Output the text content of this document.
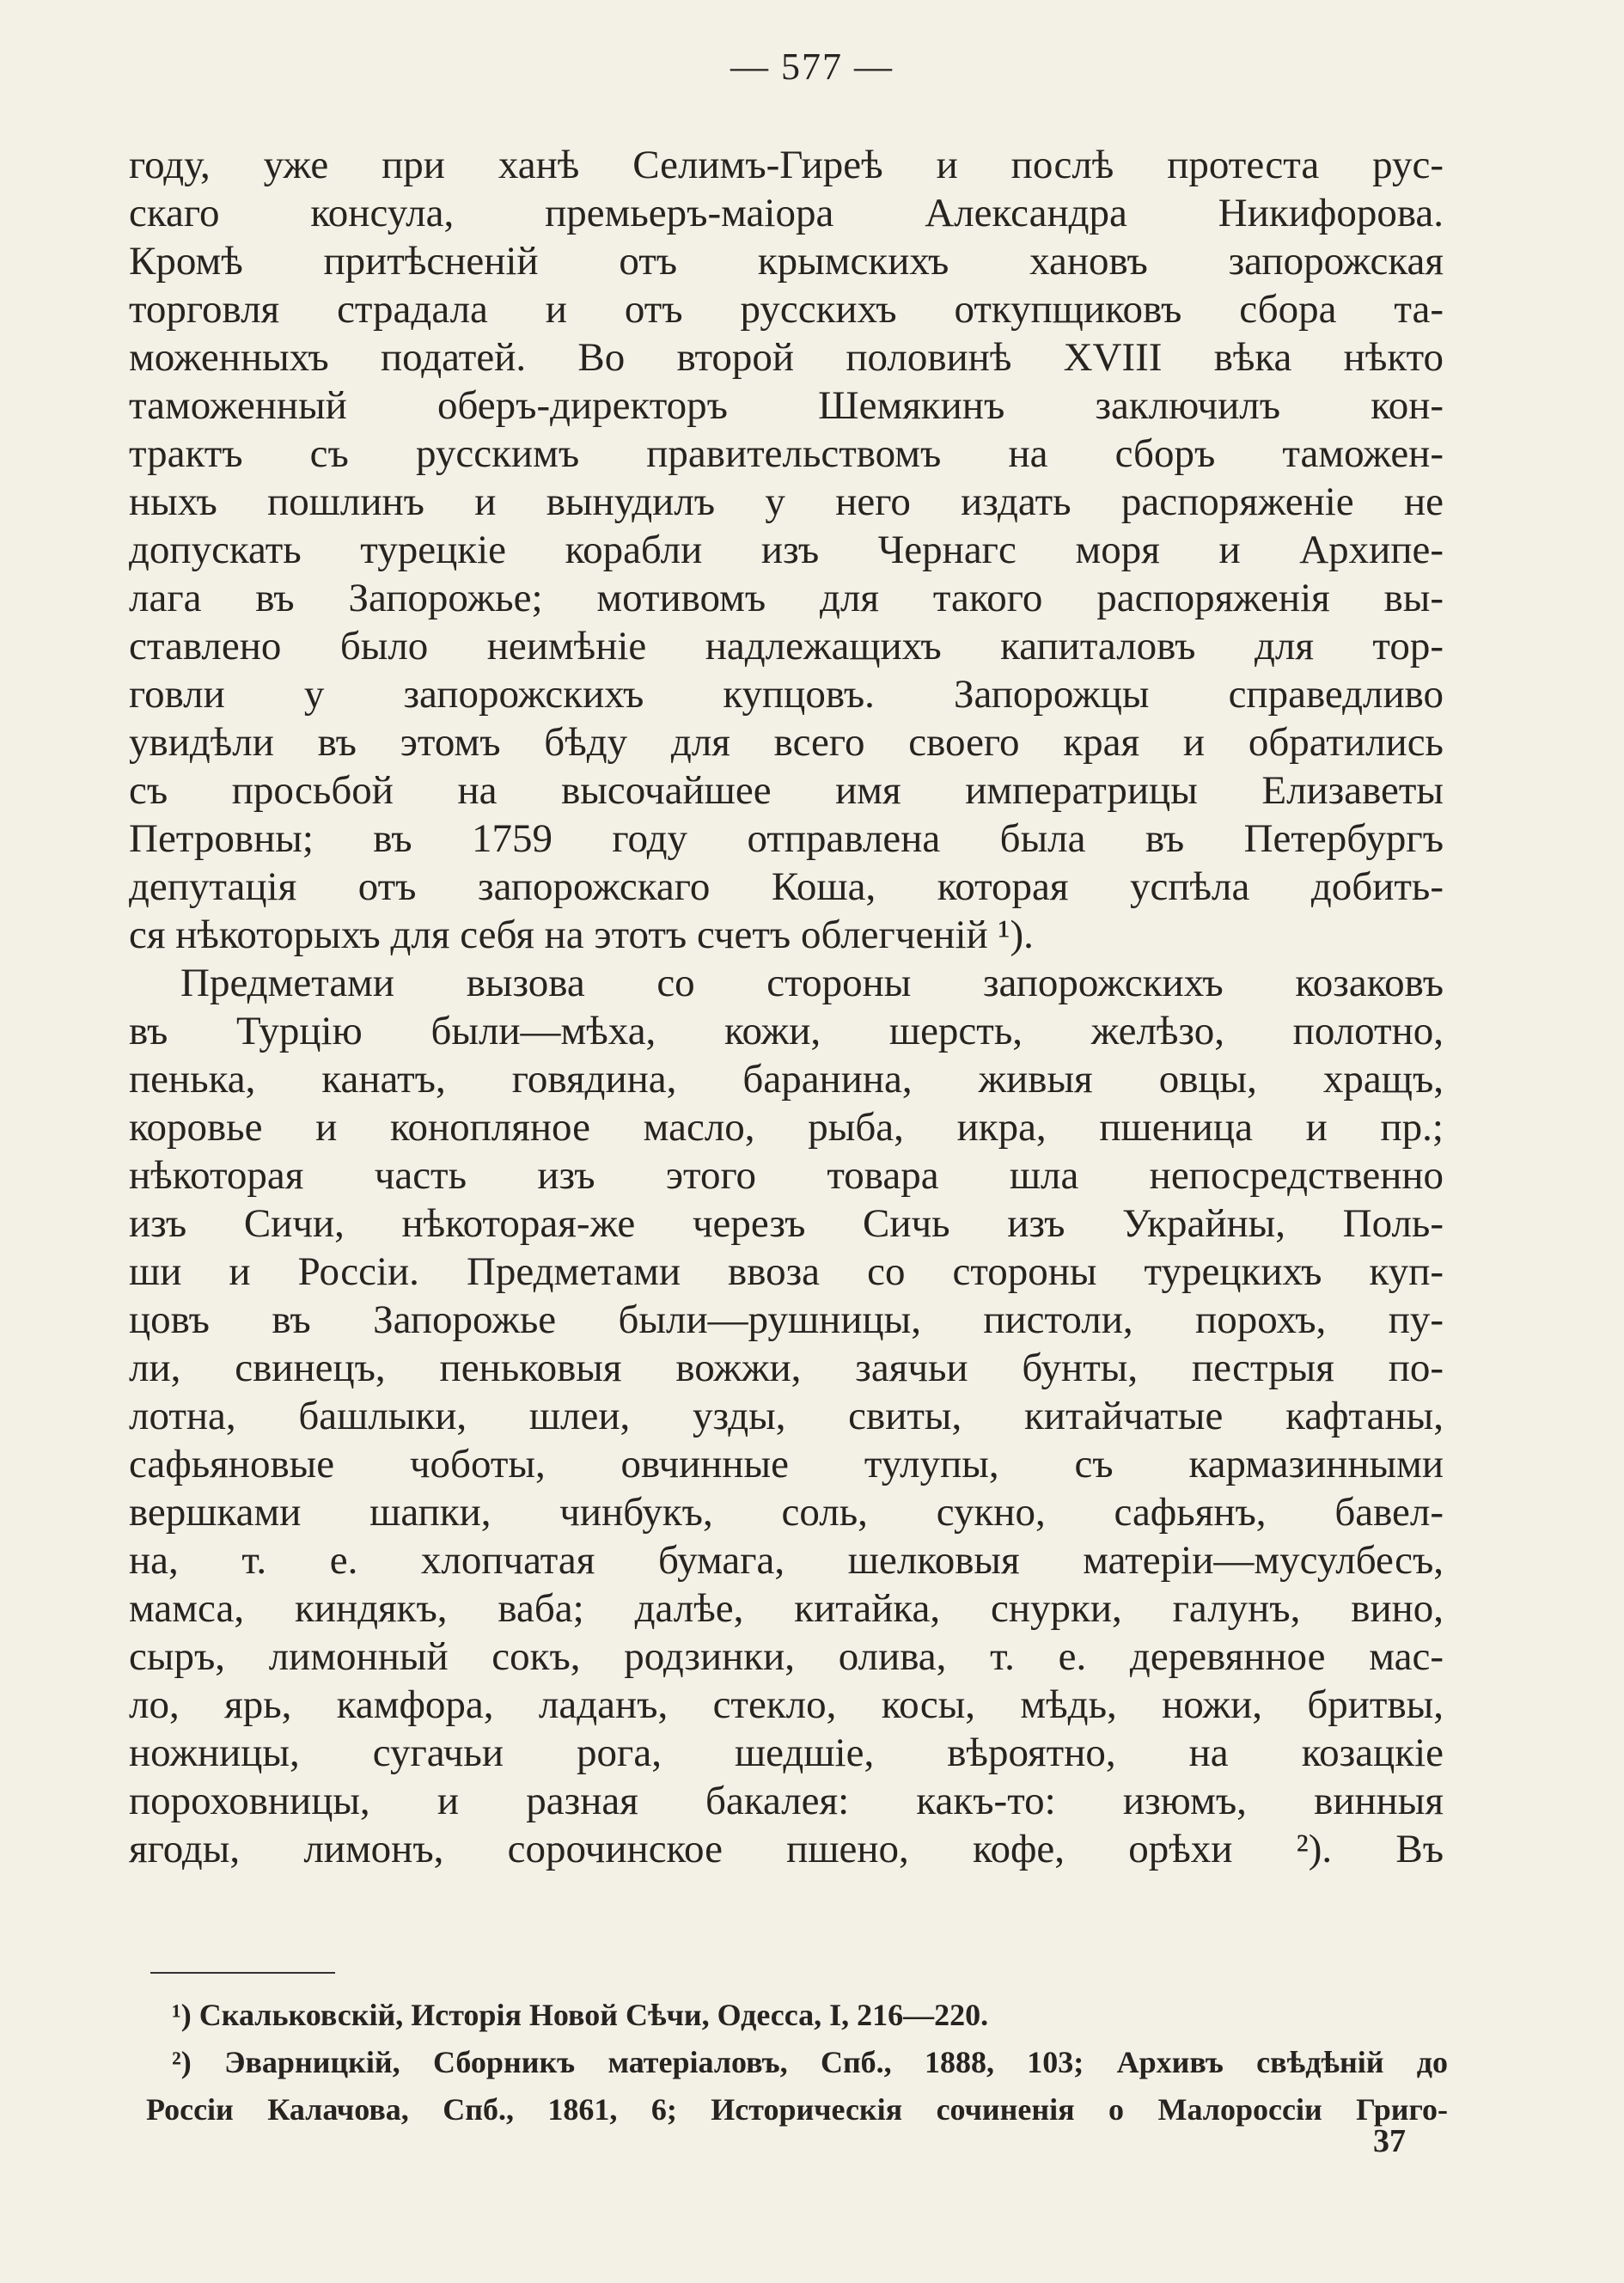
— 577 —
году, уже при ханѣ Селимъ-Гиреѣ и послѣ протеста рус-
скаго консула, премьеръ-маіора Александра Никифорова.
Кромѣ притѣсненій отъ крымскихъ хановъ запорожская
торговля страдала и отъ русскихъ откупщиковъ сбора та-
моженныхъ податей. Во второй половинѣ XVIII вѣка нѣкто
таможенный оберъ-директоръ Шемякинъ заключилъ кон-
трактъ съ русскимъ правительствомъ на сборъ таможен-
ныхъ пошлинъ и вынудилъ у него издать распоряженіе не
допускать турецкіе корабли изъ Чернагс моря и Архипе-
лага въ Запорожье; мотивомъ для такого распоряженія вы-
ставлено было неимѣніе надлежащихъ капиталовъ для тор-
говли у запорожскихъ купцовъ. Запорожцы справедливо
увидѣли въ этомъ бѣду для всего своего края и обратились
съ просьбой на высочайшее имя императрицы Елизаветы
Петровны; въ 1759 году отправлена была въ Петербургъ
депутація отъ запорожскаго Коша, которая успѣла добить-
ся нѣкоторыхъ для себя на этотъ счетъ облегченій ¹).
Предметами вызова со стороны запорожскихъ козаковъ
въ Турцію были—мѣха, кожи, шерсть, желѣзо, полотно,
пенька, канатъ, говядина, баранина, живыя овцы, хращъ,
коровье и конопляное масло, рыба, икра, пшеница и пр.;
нѣкоторая часть изъ этого товара шла непосредственно
изъ Сичи, нѣкоторая-же черезъ Сичь изъ Украйны, Поль-
ши и Россіи. Предметами ввоза со стороны турецкихъ куп-
цовъ въ Запорожье были—рушницы, пистоли, порохъ, пу-
ли, свинецъ, пеньковыя вожжи, заячьи бунты, пестрыя по-
лотна, башлыки, шлеи, узды, свиты, китайчатые кафтаны,
сафьяновые чоботы, овчинные тулупы, съ кармазинными
вершками шапки, чинбукъ, соль, сукно, сафьянъ, бавел-
на, т. е. хлопчатая бумага, шелковыя матеріи—мусулбесъ,
мамса, киндякъ, ваба; далѣе, китайка, снурки, галунъ, вино,
сыръ, лимонный сокъ, родзинки, олива, т. е. деревянное мас-
ло, ярь, камфора, ладанъ, стекло, косы, мѣдь, ножи, бритвы,
ножницы, сугачьи рога, шедшіе, вѣроятно, на козацкіе
пороховницы, и разная бакалея: какъ-то: изюмъ, винныя
ягоды, лимонъ, сорочинское пшено, кофе, орѣхи ²). Въ
¹) Скальковскій, Исторія Новой Сѣчи, Одесса, I, 216—220.
²) Эварницкій, Сборникъ матеріаловъ, Спб., 1888, 103; Архивъ свѣдѣній до
Россіи Калачова, Спб., 1861, 6; Историческія сочиненія о Малороссіи Григо-
37
